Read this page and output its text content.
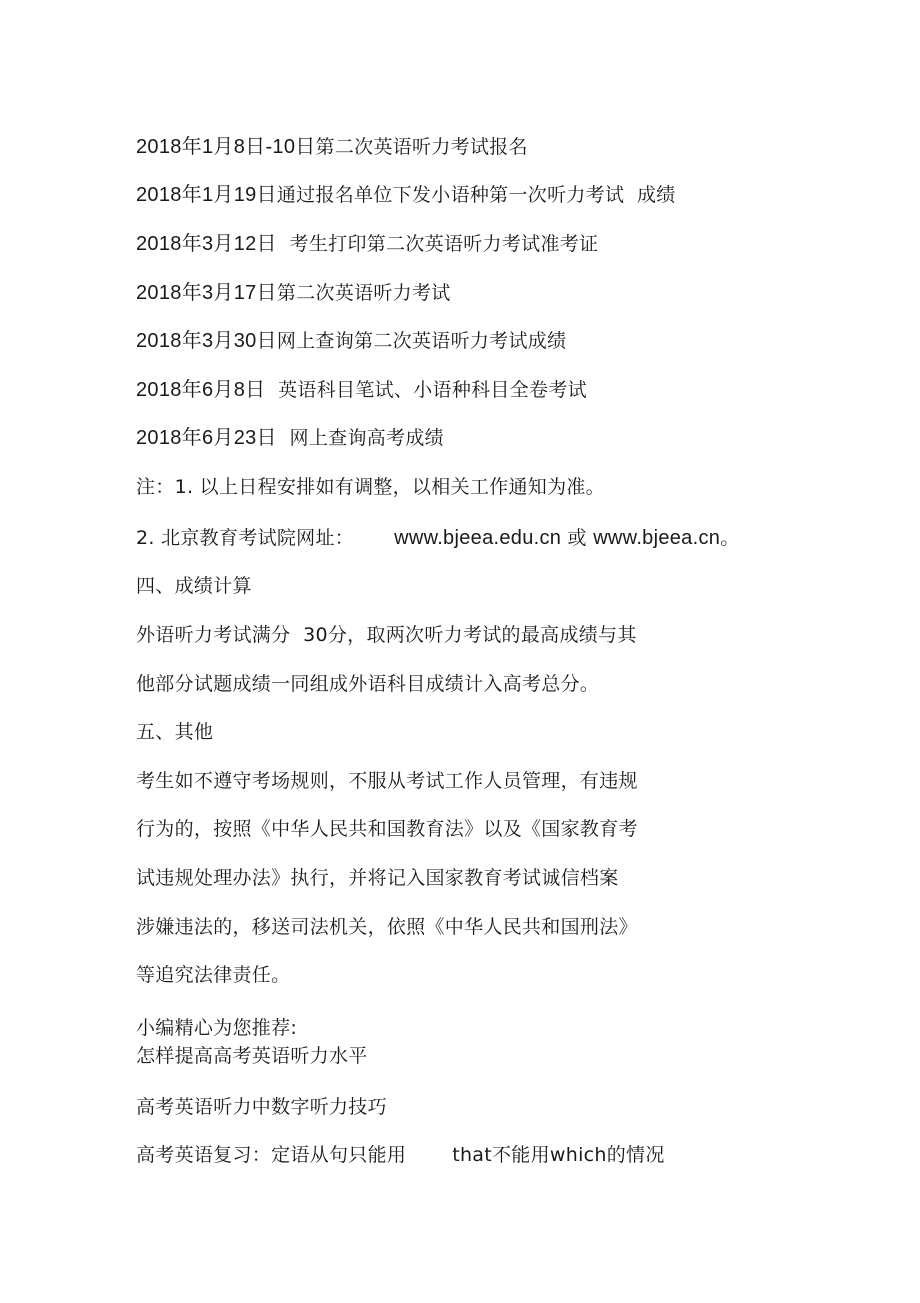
2018年1月8日-10日第二次英语听力考试报名
2018年1月19日通过报名单位下发小语种第一次听力考试  成绩
2018年3月12日  考生打印第二次英语听力考试准考证
2018年3月17日第二次英语听力考试
2018年3月30日网上查询第二次英语听力考试成绩
2018年6月8日  英语科目笔试、小语种科目全卷考试
2018年6月23日  网上查询高考成绩
注：1. 以上日程安排如有调整，以相关工作通知为准。
2. 北京教育考试院网址： www.bjeea.edu.cn 或 www.bjeea.cn。
四、成绩计算
外语听力考试满分  30分，取两次听力考试的最高成绩与其
他部分试题成绩一同组成外语科目成绩计入高考总分。
五、其他
考生如不遵守考场规则，不服从考试工作人员管理，有违规
行为的，按照《中华人民共和国教育法》以及《国家教育考
试违规处理办法》执行，并将记入国家教育考试诚信档案
涉嫌违法的，移送司法机关，依照《中华人民共和国刑法》
等追究法律责任。
小编精心为您推荐:
怎样提高高考英语听力水平
高考英语听力中数字听力技巧
高考英语复习：定语从句只能用 that不能用which的情况
